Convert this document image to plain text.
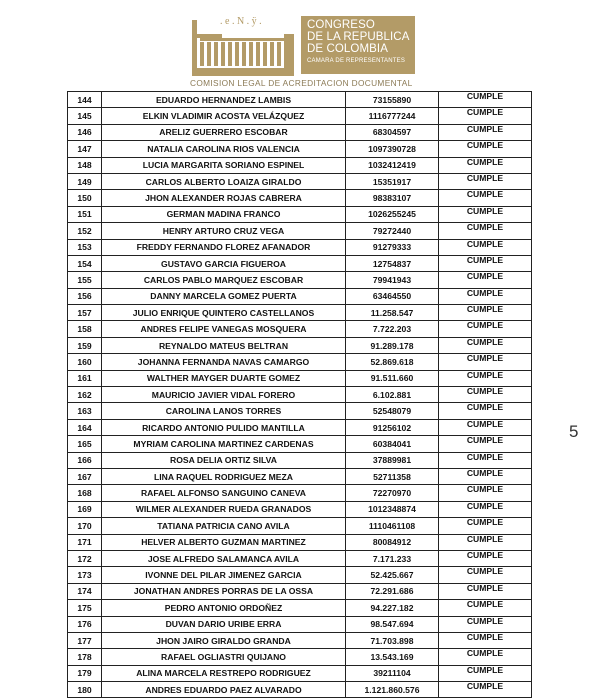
. e . N . ÿ .	CONGRESO
DE LA REPUBLICA
DE COLOMBIA
CAMARA DE REPRESENTANTES
COMISION LEGAL DE ACREDITACION DOCUMENTAL
144	EDUARDO HERNANDEZ LAMBIS	73155890	CUMPLE
145	ELKIN VLADIMIR ACOSTA VELÁZQUEZ	1116777244	CUMPLE
146	ARELIZ GUERRERO ESCOBAR	68304597	CUMPLE
147	NATALIA CAROLINA RIOS VALENCIA	1097390728	CUMPLE
148	LUCIA MARGARITA SORIANO ESPINEL	1032412419	CUMPLE
149	CARLOS ALBERTO LOAIZA GIRALDO	15351917	CUMPLE
150	JHON ALEXANDER ROJAS CABRERA	98383107	CUMPLE
151	GERMAN MADINA FRANCO	1026255245	CUMPLE
152	HENRY ARTURO CRUZ VEGA	79272440	CUMPLE
153	FREDDY FERNANDO FLOREZ AFANADOR	91279333	CUMPLE
154	GUSTAVO GARCIA FIGUEROA	12754837	CUMPLE
155	CARLOS PABLO MARQUEZ ESCOBAR	79941943	CUMPLE
156	DANNY MARCELA GOMEZ PUERTA	63464550	CUMPLE
157	JULIO ENRIQUE QUINTERO CASTELLANOS	11.258.547	CUMPLE
158	ANDRES FELIPE VANEGAS MOSQUERA	7.722.203	CUMPLE
159	REYNALDO MATEUS BELTRAN	91.289.178	CUMPLE
160	JOHANNA FERNANDA NAVAS CAMARGO	52.869.618	CUMPLE
161	WALTHER MAYGER DUARTE GOMEZ	91.511.660	CUMPLE
162	MAURICIO JAVIER VIDAL FORERO	6.102.881	CUMPLE
163	CAROLINA LANOS TORRES	52548079	CUMPLE
164	RICARDO ANTONIO PULIDO MANTILLA	91256102	CUMPLE
165	MYRIAM CAROLINA MARTINEZ CARDENAS	60384041	CUMPLE
166	ROSA DELIA ORTIZ SILVA	37889981	CUMPLE
167	LINA RAQUEL RODRIGUEZ MEZA	52711358	CUMPLE
168	RAFAEL ALFONSO SANGUINO CANEVA	72270970	CUMPLE
169	WILMER ALEXANDER RUEDA GRANADOS	1012348874	CUMPLE
170	TATIANA PATRICIA CANO AVILA	1110461108	CUMPLE
171	HELVER ALBERTO GUZMAN MARTINEZ	80084912	CUMPLE
172	JOSE ALFREDO SALAMANCA AVILA	7.171.233	CUMPLE
173	IVONNE DEL PILAR JIMENEZ GARCIA	52.425.667	CUMPLE
174	JONATHAN ANDRES PORRAS DE LA OSSA	72.291.686	CUMPLE
175	PEDRO ANTONIO ORDOÑEZ	94.227.182	CUMPLE
176	DUVAN DARIO URIBE ERRA	98.547.694	CUMPLE
177	JHON JAIRO GIRALDO GRANDA	71.703.898	CUMPLE
178	RAFAEL OGLIASTRI QUIJANO	13.543.169	CUMPLE
179	ALINA MARCELA RESTREPO RODRIGUEZ	39211104	CUMPLE
180	ANDRES EDUARDO PAEZ ALVARADO	1.121.860.576	CUMPLE
5
